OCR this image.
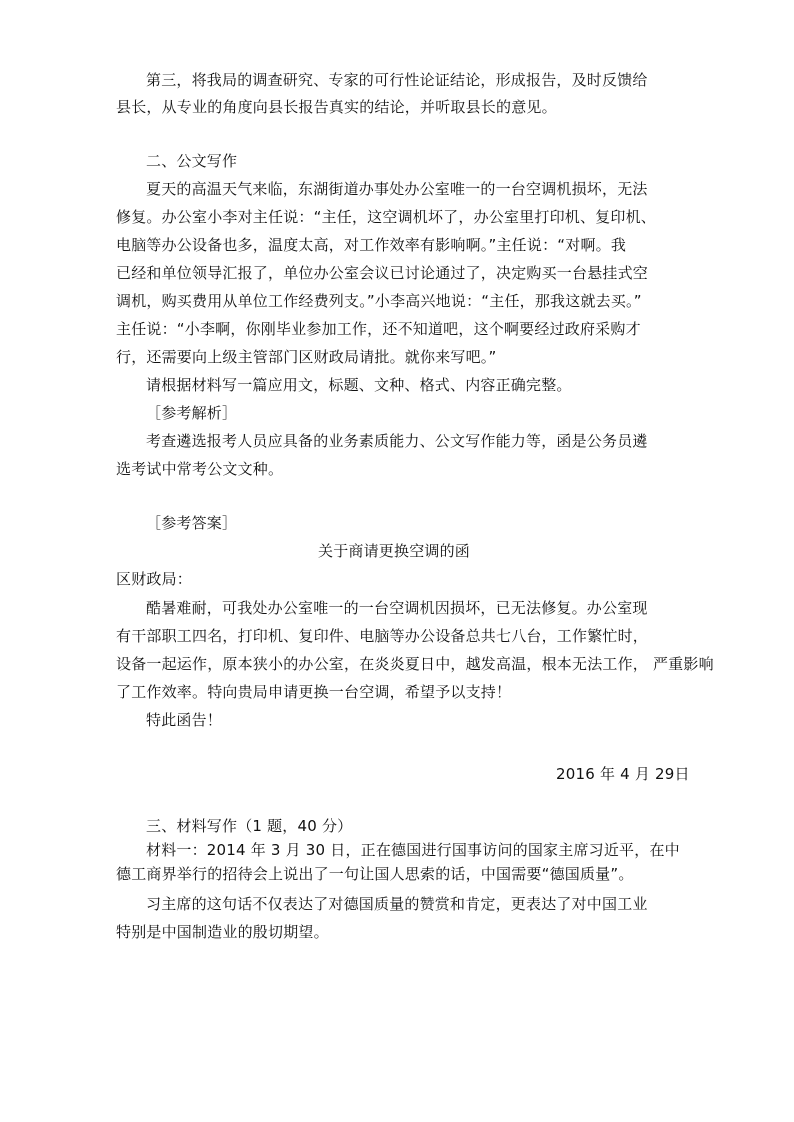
第三，将我局的调查研究、专家的可行性论证结论，形成报告，及时反馈给
县长，从专业的角度向县长报告真实的结论，并听取县长的意见。
二、公文写作
夏天的高温天气来临，东湖街道办事处办公室唯一的一台空调机损坏，无法
修复。办公室小李对主任说：“主任，这空调机坏了，办公室里打印机、复印机、
电脑等办公设备也多，温度太高，对工作效率有影响啊。”主任说：“对啊。我
已经和单位领导汇报了，单位办公室会议已讨论通过了，决定购买一台悬挂式空
调机，购买费用从单位工作经费列支。”小李高兴地说：“主任，那我这就去买。”
主任说：“小李啊，你刚毕业参加工作，还不知道吧，这个啊要经过政府采购才
行，还需要向上级主管部门区财政局请批。就你来写吧。”
请根据材料写一篇应用文，标题、文种、格式、内容正确完整。
［参考解析］
考查遴选报考人员应具备的业务素质能力、公文写作能力等，函是公务员遴
选考试中常考公文文种。
［参考答案］
关于商请更换空调的函
区财政局：
酷暑难耐，可我处办公室唯一的一台空调机因损坏，已无法修复。办公室现
有干部职工四名，打印机、复印件、电脑等办公设备总共七八台，工作繁忙时，
设备一起运作，原本狭小的办公室，在炎炎夏日中，越发高温，根本无法工作， 严重影响
了工作效率。特向贵局申请更换一台空调，希望予以支持！
特此函告！
2016 年 4 月 29日
三、材料写作（1 题，40 分）
材料一：2014 年 3 月 30 日，正在德国进行国事访问的国家主席习近平，在中
德工商界举行的招待会上说出了一句让国人思索的话，中国需要“德国质量”。
习主席的这句话不仅表达了对德国质量的赞赏和肯定，更表达了对中国工业
特别是中国制造业的殷切期望。
